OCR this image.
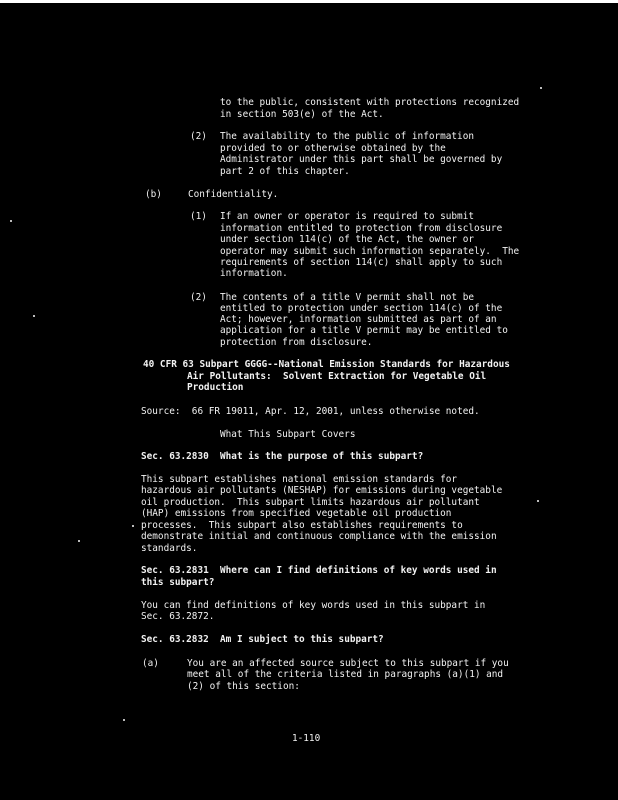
to the public, consistent with protections recognized
in section 503(e) of the Act.
(2) The availability to the public of information
provided to or otherwise obtained by the
Administrator under this part shall be governed by
part 2 of this chapter.
(b)	Confidentiality.
(1) If an owner or operator is required to submit
information entitled to protection from disclosure
under section 114(c) of the Act, the owner or
operator may submit such information separately.  The
requirements of section 114(c) shall apply to such
information.
(2) The contents of a title V permit shall not be
entitled to protection under section 114(c) of the
Act; however, information submitted as part of an
application for a title V permit may be entitled to
protection from disclosure.
40 CFR 63 Subpart GGGG--National Emission Standards for Hazardous
Air Pollutants:  Solvent Extraction for Vegetable Oil
Production
Source:  66 FR 19011, Apr. 12, 2001, unless otherwise noted.
What This Subpart Covers
Sec. 63.2830  What is the purpose of this subpart?
This subpart establishes national emission standards for
hazardous air pollutants (NESHAP) for emissions during vegetable
oil production.  This subpart limits hazardous air pollutant
(HAP) emissions from specified vegetable oil production
processes.  This subpart also establishes requirements to
demonstrate initial and continuous compliance with the emission
standards.
Sec. 63.2831  Where can I find definitions of key words used in
this subpart?
You can find definitions of key words used in this subpart in
Sec. 63.2872.
Sec. 63.2832  Am I subject to this subpart?
(a)	You are an affected source subject to this subpart if you
meet all of the criteria listed in paragraphs (a)(1) and
(2) of this section:
1-110
